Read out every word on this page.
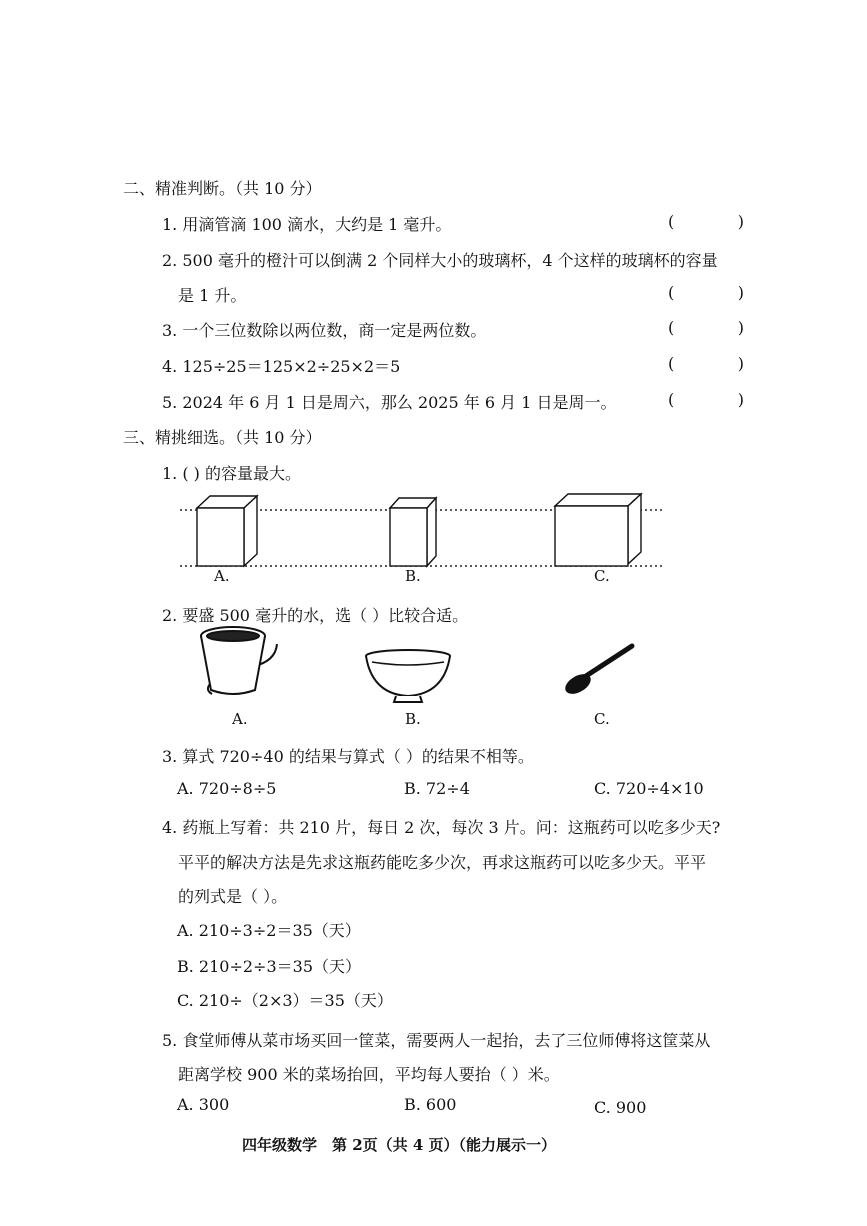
二、精准判断。（共 10 分）
1. 用滴管滴 100 滴水，大约是 1 毫升。	(	)
2. 500 毫升的橙汁可以倒满 2 个同样大小的玻璃杯，4 个这样的玻璃杯的容量
是 1 升。	(	)
3. 一个三位数除以两位数，商一定是两位数。	(	)
4. 125÷25＝125×2÷25×2＝5	(	)
5. 2024 年 6 月 1 日是周六，那么 2025 年 6 月 1 日是周一。	(	)
三、精挑细选。（共 10 分）
1. ( ) 的容量最大。
A.	B.	C.
2. 要盛 500 毫升的水，选（ ）比较合适。
A.	B.	C.
3. 算式 720÷40 的结果与算式（ ）的结果不相等。
A. 720÷8÷5	B. 72÷4	C. 720÷4×10
4. 药瓶上写着：共 210 片，每日 2 次，每次 3 片。问：这瓶药可以吃多少天?
平平的解决方法是先求这瓶药能吃多少次，再求这瓶药可以吃多少天。平平
的列式是（ ）。
A. 210÷3÷2＝35（天）
B. 210÷2÷3＝35（天）
C. 210÷（2×3）＝35（天）
5. 食堂师傅从菜市场买回一筐菜，需要两人一起抬，去了三位师傅将这筐菜从
距离学校 900 米的菜场抬回，平均每人要抬（ ）米。
A. 300	B. 600	C. 900
四年级数学　第 2页（共 4 页）（能力展示一）
